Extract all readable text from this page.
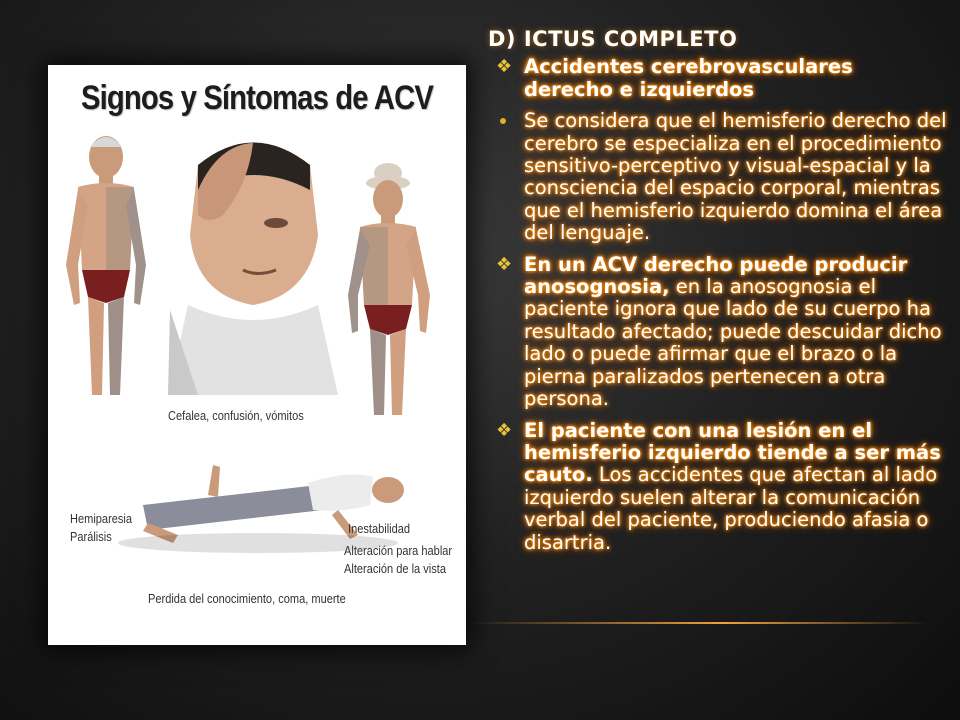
Signos y Síntomas de ACV
Cefalea, confusión, vómitos
Hemiparesia
Parálisis
Inestabilidad
Alteración para hablar
Alteración de la vista
Perdida del conocimiento, coma, muerte
D) ICTUS COMPLETO
❖ Accidentes cerebrovasculares derecho e izquierdos
Se considera que el hemisferio derecho del cerebro se especializa en el procedimiento sensitivo-perceptivo y visual-espacial y la consciencia del espacio corporal, mientras que el hemisferio izquierdo domina el área del lenguaje.
❖ En un ACV derecho puede producir anosognosia, en la anosognosia el paciente ignora que lado de su cuerpo ha resultado afectado; puede descuidar dicho lado o puede afirmar que el brazo o la pierna paralizados pertenecen a otra persona.
❖ El paciente con una lesión en el hemisferio izquierdo tiende a ser más cauto. Los accidentes que afectan al lado izquierdo suelen alterar la comunicación verbal del paciente, produciendo afasia o disartria.
